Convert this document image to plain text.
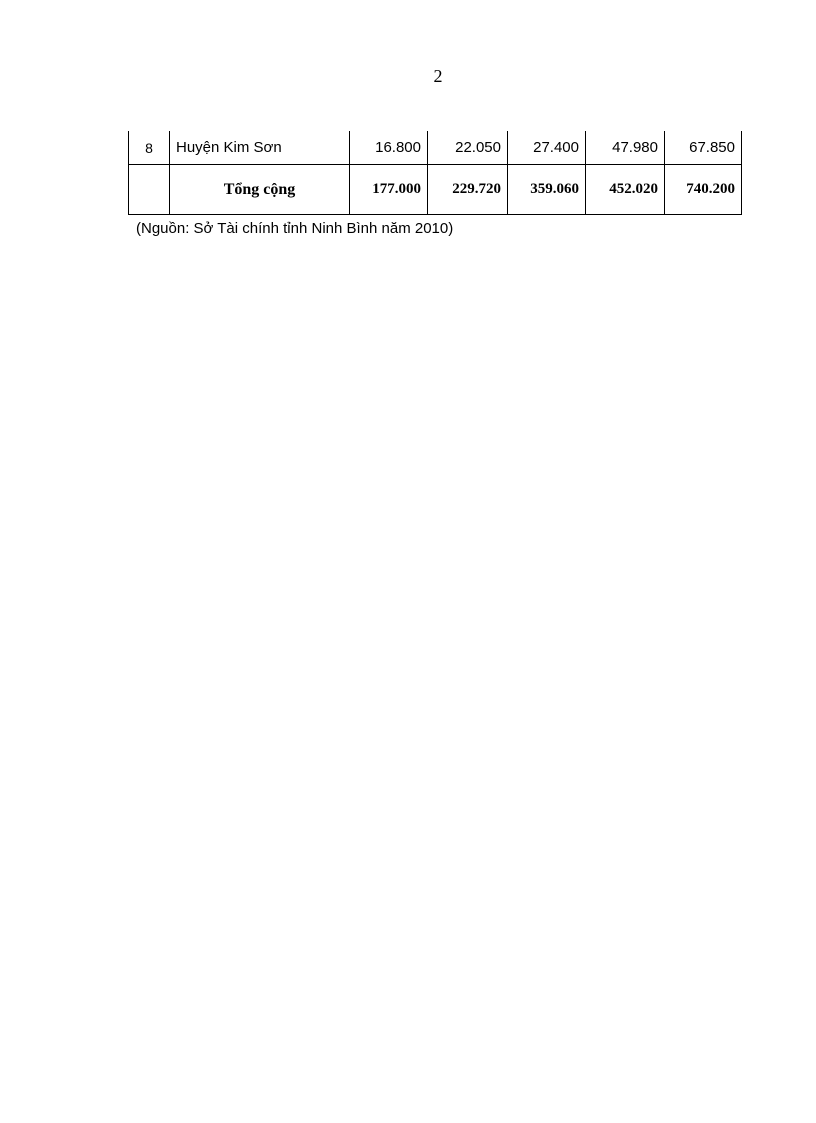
2
8	Huyện Kim Sơn	16.800	22.050	27.400	47.980	67.850
	Tổng cộng	177.000	229.720	359.060	452.020	740.200
(Nguồn: Sở Tài chính tỉnh Ninh Bình năm 2010)
